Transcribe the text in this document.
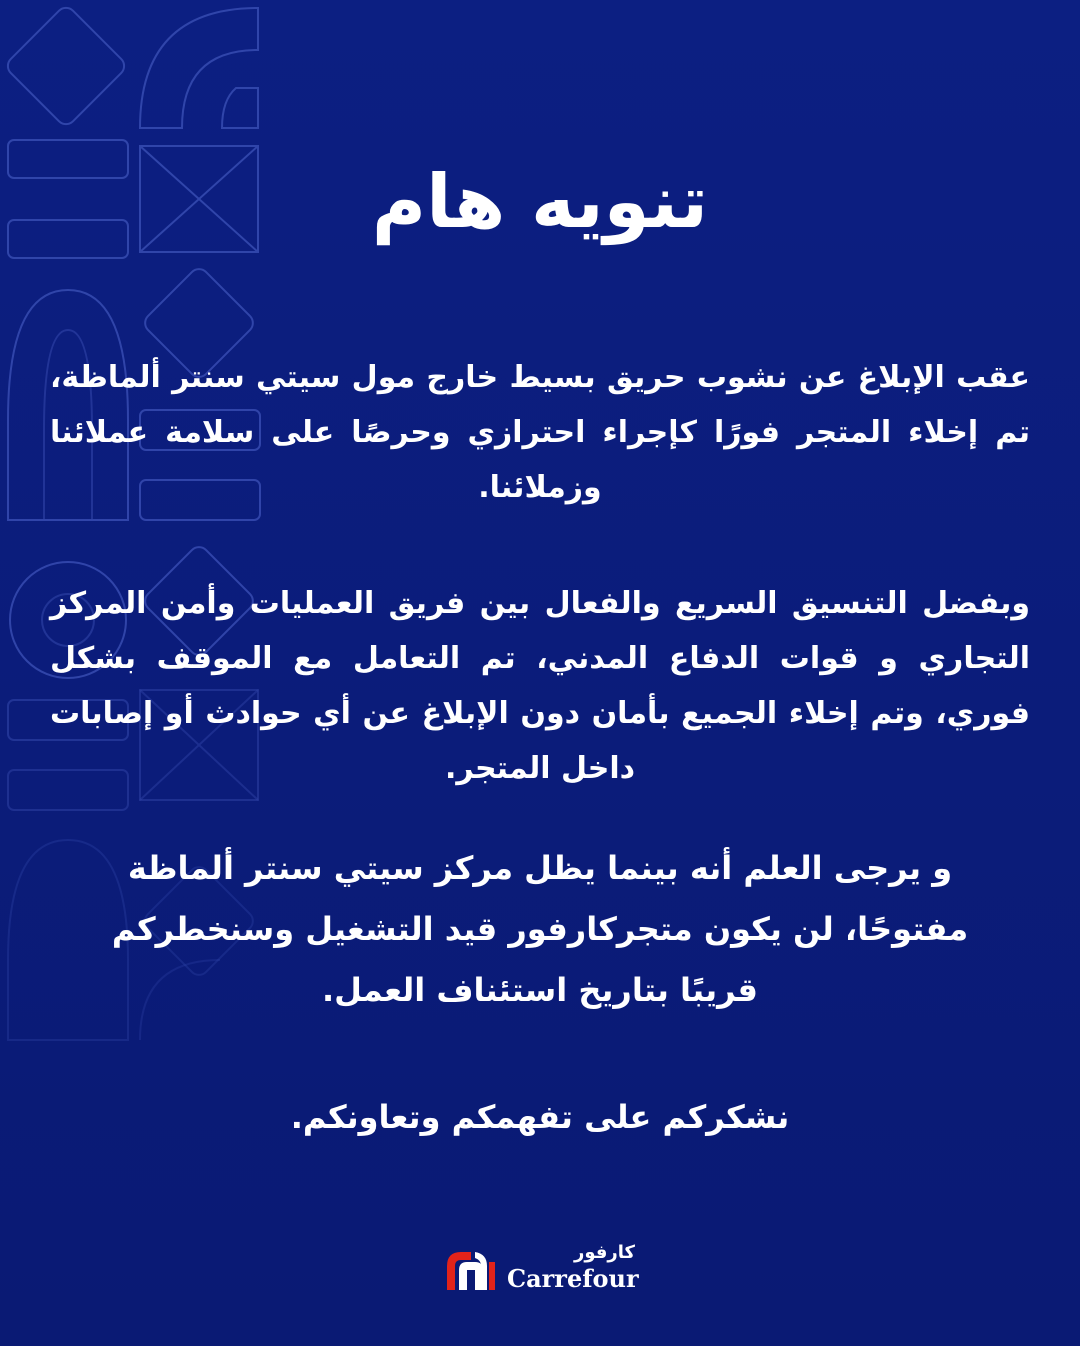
تنويه هام
عقب الإبلاغ عن نشوب حريق بسيط خارج مول سيتي سنتر ألماظة، تم إخلاء المتجر فورًا كإجراء احترازي وحرصًا على سلامة عملائنا وزملائنا.
وبفضل التنسيق السريع والفعال بين فريق العمليات وأمن المركز التجاري و قوات الدفاع المدني، تم التعامل مع الموقف بشكل فوري، وتم إخلاء الجميع بأمان دون الإبلاغ عن أي حوادث أو إصابات داخل المتجر.
و يرجى العلم أنه بينما يظل مركز سيتي سنتر ألماظة مفتوحًا، لن يكون متجركارفور قيد التشغيل وسنخطركم قريبًا بتاريخ استئناف العمل.
نشكركم على تفهمكم وتعاونكم.
كارفور
Carrefour
